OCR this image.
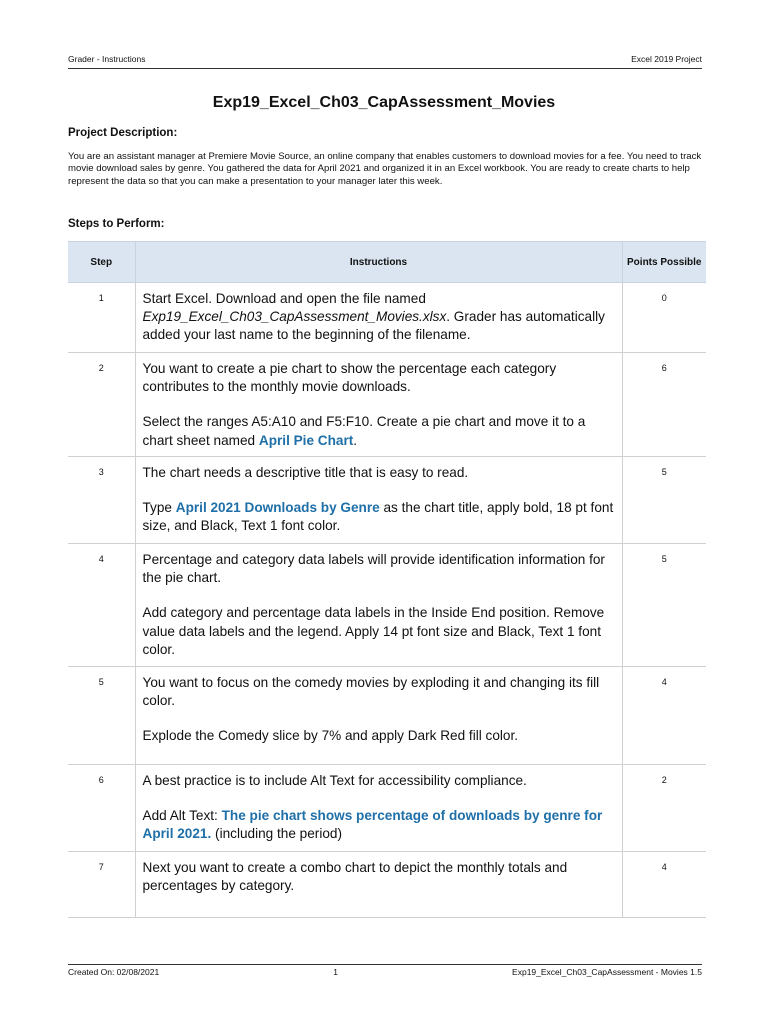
Grader - Instructions	Excel 2019 Project
Exp19_Excel_Ch03_CapAssessment_Movies
Project Description:

You are an assistant manager at Premiere Movie Source, an online company that enables customers to download movies for a fee. You need to track movie download sales by genre. You gathered the data for April 2021 and organized it in an Excel workbook. You are ready to create charts to help represent the data so that you can make a presentation to your manager later this week.

Steps to Perform:
Step	Instructions	Points Possible
1	Start Excel. Download and open the file named Exp19_Excel_Ch03_CapAssessment_Movies.xlsx. Grader has automatically added your last name to the beginning of the filename.	0
2	You want to create a pie chart to show the percentage each category contributes to the monthly movie downloads.

Select the ranges A5:A10 and F5:F10. Create a pie chart and move it to a chart sheet named April Pie Chart.	6
3	The chart needs a descriptive title that is easy to read.

Type April 2021 Downloads by Genre as the chart title, apply bold, 18 pt font size, and Black, Text 1 font color.	5
4	Percentage and category data labels will provide identification information for the pie chart.

Add category and percentage data labels in the Inside End position. Remove value data labels and the legend. Apply 14 pt font size and Black, Text 1 font color.	5
5	You want to focus on the comedy movies by exploding it and changing its fill color.

Explode the Comedy slice by 7% and apply Dark Red fill color.	4
6	A best practice is to include Alt Text for accessibility compliance.

Add Alt Text: The pie chart shows percentage of downloads by genre for April 2021. (including the period)	2
7	Next you want to create a combo chart to depict the monthly totals and percentages by category.	4
Created On: 02/08/2021	1	Exp19_Excel_Ch03_CapAssessment - Movies 1.5
